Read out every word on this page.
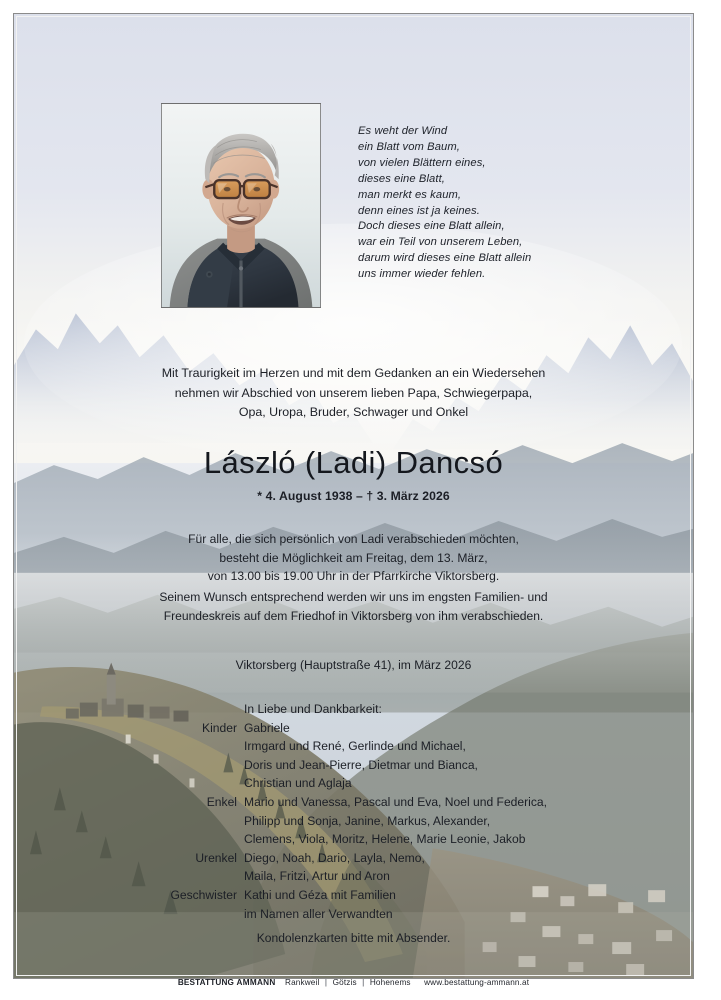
Es weht der Wind
ein Blatt vom Baum,
von vielen Blättern eines,
dieses eine Blatt,
man merkt es kaum,
denn eines ist ja keines.
Doch dieses eine Blatt allein,
war ein Teil von unserem Leben,
darum wird dieses eine Blatt allein
uns immer wieder fehlen.
Mit Traurigkeit im Herzen und mit dem Gedanken an ein Wiedersehen
nehmen wir Abschied von unserem lieben Papa, Schwiegerpapa,
Opa, Uropa, Bruder, Schwager und Onkel
László (Ladi) Dancsó
* 4. August 1938 – † 3. März 2026
Für alle, die sich persönlich von Ladi verabschieden möchten,
besteht die Möglichkeit am Freitag, dem 13. März,
von 13.00 bis 19.00 Uhr in der Pfarrkirche Viktorsberg.
Seinem Wunsch entsprechend werden wir uns im engsten Familien- und
Freundeskreis auf dem Friedhof in Viktorsberg von ihm verabschieden.
Viktorsberg (Hauptstraße 41), im März 2026
In Liebe und Dankbarkeit:
Kinder Gabriele
Irmgard und René, Gerlinde und Michael,
Doris und Jean-Pierre, Dietmar und Bianca,
Christian und Aglaja
Enkel Mario und Vanessa, Pascal und Eva, Noel und Federica,
Philipp und Sonja, Janine, Markus, Alexander,
Clemens, Viola, Moritz, Helene, Marie Leonie, Jakob
Urenkel Diego, Noah, Dario, Layla, Nemo,
Maila, Fritzi, Artur und Aron
Geschwister Kathi und Géza mit Familien
im Namen aller Verwandten
Kondolenzkarten bitte mit Absender.
BESTATTUNG AMMANN Rankweil | Götzis | Hohenems www.bestattung-ammann.at
